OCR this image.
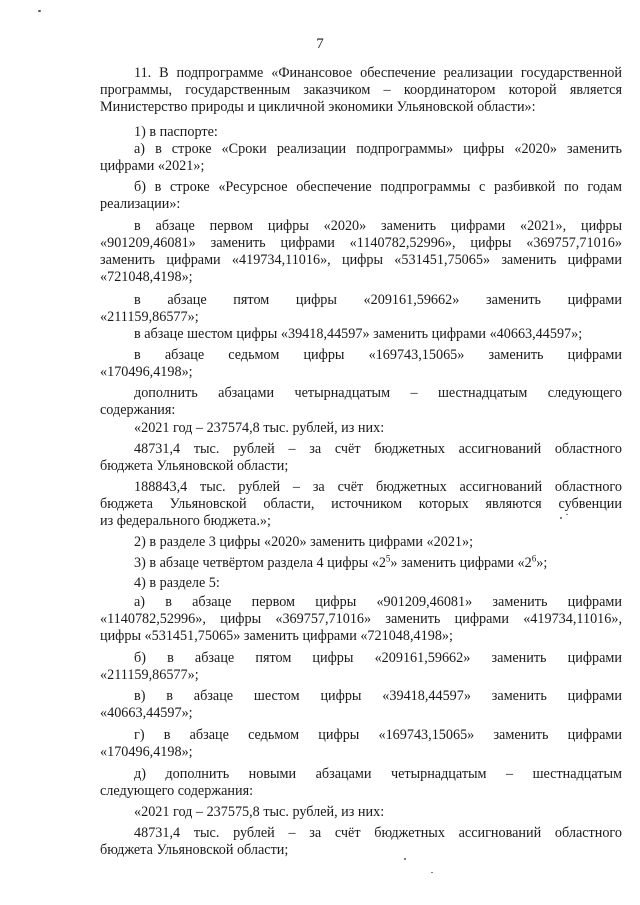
7
11. В подпрограмме «Финансовое обеспечение реализации государственной
программы, государственным заказчиком – координатором которой является
Министерство природы и цикличной экономики Ульяновской области»:
1) в паспорте:
а) в строке «Сроки реализации подпрограммы» цифры «2020» заменить
цифрами «2021»;
б) в строке «Ресурсное обеспечение подпрограммы с разбивкой по годам
реализации»:
в абзаце первом цифры «2020» заменить цифрами «2021», цифры
«901209,46081» заменить цифрами «1140782,52996», цифры «369757,71016»
заменить цифрами «419734,11016», цифры «531451,75065» заменить цифрами
«721048,4198»;
в абзаце пятом цифры «209161,59662» заменить цифрами
«211159,86577»;
в абзаце шестом цифры «39418,44597» заменить цифрами «40663,44597»;
в абзаце седьмом цифры «169743,15065» заменить цифрами
«170496,4198»;
дополнить абзацами четырнадцатым – шестнадцатым следующего
содержания:
«2021 год – 237574,8 тыс. рублей, из них:
48731,4 тыс. рублей – за счёт бюджетных ассигнований областного
бюджета Ульяновской области;
188843,4 тыс. рублей – за счёт бюджетных ассигнований областного
бюджета Ульяновской области, источником которых являются субвенции
из федерального бюджета.»;
2) в разделе 3 цифры «2020» заменить цифрами «2021»;
3) в абзаце четвёртом раздела 4 цифры «$2^5$» заменить цифрами «$2^6$»;
4) в разделе 5:
а) в абзаце первом цифры «901209,46081» заменить цифрами
«1140782,52996», цифры «369757,71016» заменить цифрами «419734,11016»,
цифры «531451,75065» заменить цифрами «721048,4198»;
б) в абзаце пятом цифры «209161,59662» заменить цифрами
«211159,86577»;
в) в абзаце шестом цифры «39418,44597» заменить цифрами
«40663,44597»;
г) в абзаце седьмом цифры «169743,15065» заменить цифрами
«170496,4198»;
д) дополнить новыми абзацами четырнадцатым – шестнадцатым
следующего содержания:
«2021 год – 237575,8 тыс. рублей, из них:
48731,4 тыс. рублей – за счёт бюджетных ассигнований областного
бюджета Ульяновской области;
